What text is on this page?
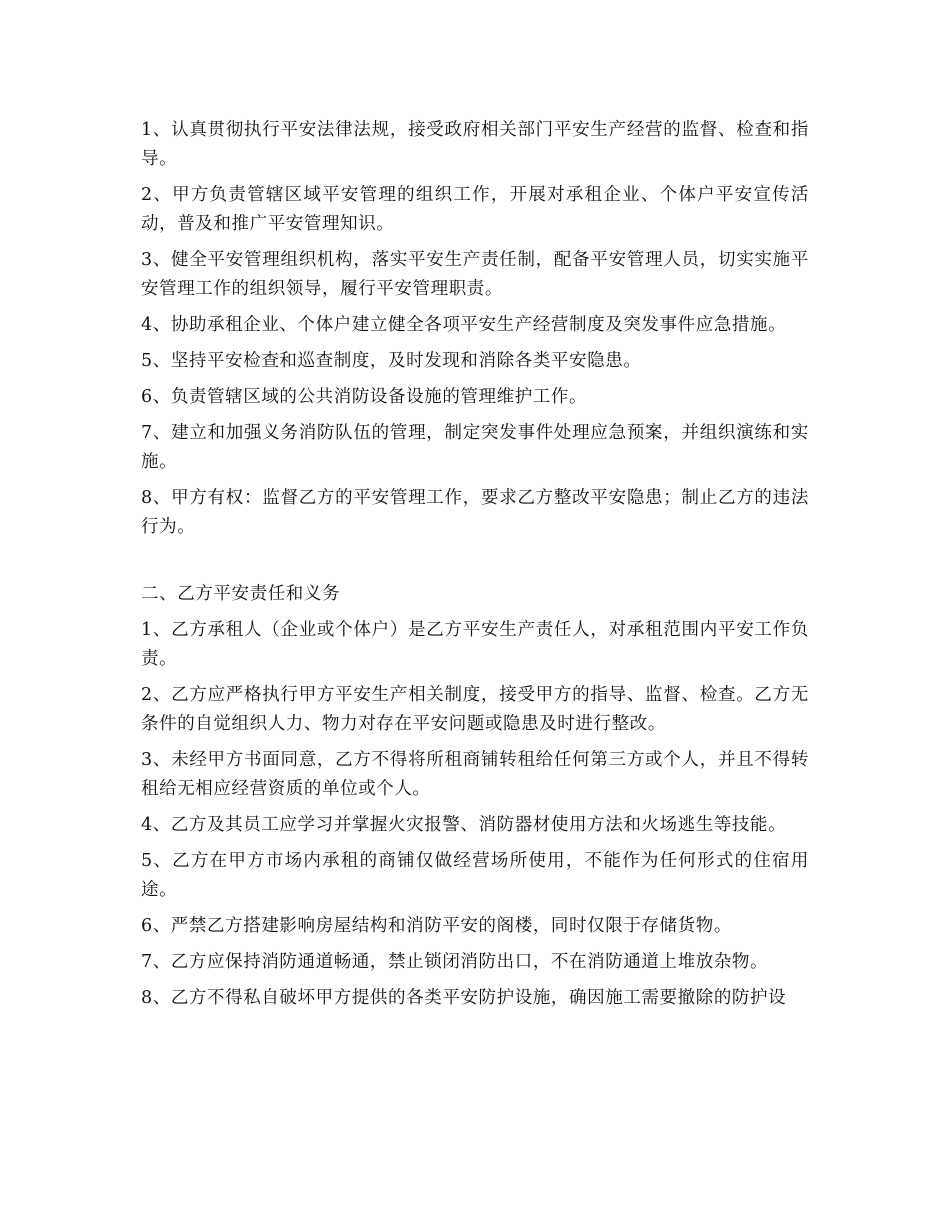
1、认真贯彻执行平安法律法规，接受政府相关部门平安生产经营的监督、检查和指导。

2、甲方负责管辖区域平安管理的组织工作，开展对承租企业、个体户平安宣传活动，普及和推广平安管理知识。

3、健全平安管理组织机构，落实平安生产责任制，配备平安管理人员，切实实施平安管理工作的组织领导，履行平安管理职责。

4、协助承租企业、个体户建立健全各项平安生产经营制度及突发事件应急措施。

5、坚持平安检查和巡查制度，及时发现和消除各类平安隐患。

6、负责管辖区域的公共消防设备设施的管理维护工作。

7、建立和加强义务消防队伍的管理，制定突发事件处理应急预案，并组织演练和实施。

8、甲方有权：监督乙方的平安管理工作，要求乙方整改平安隐患；制止乙方的违法行为。

二、乙方平安责任和义务

1、乙方承租人（企业或个体户）是乙方平安生产责任人，对承租范围内平安工作负责。

2、乙方应严格执行甲方平安生产相关制度，接受甲方的指导、监督、检查。乙方无条件的自觉组织人力、物力对存在平安问题或隐患及时进行整改。

3、未经甲方书面同意，乙方不得将所租商铺转租给任何第三方或个人，并且不得转租给无相应经营资质的单位或个人。

4、乙方及其员工应学习并掌握火灾报警、消防器材使用方法和火场逃生等技能。

5、乙方在甲方市场内承租的商铺仅做经营场所使用，不能作为任何形式的住宿用途。

6、严禁乙方搭建影响房屋结构和消防平安的阁楼，同时仅限于存储货物。

7、乙方应保持消防通道畅通，禁止锁闭消防出口，不在消防通道上堆放杂物。

8、乙方不得私自破坏甲方提供的各类平安防护设施，确因施工需要撤除的防护设
